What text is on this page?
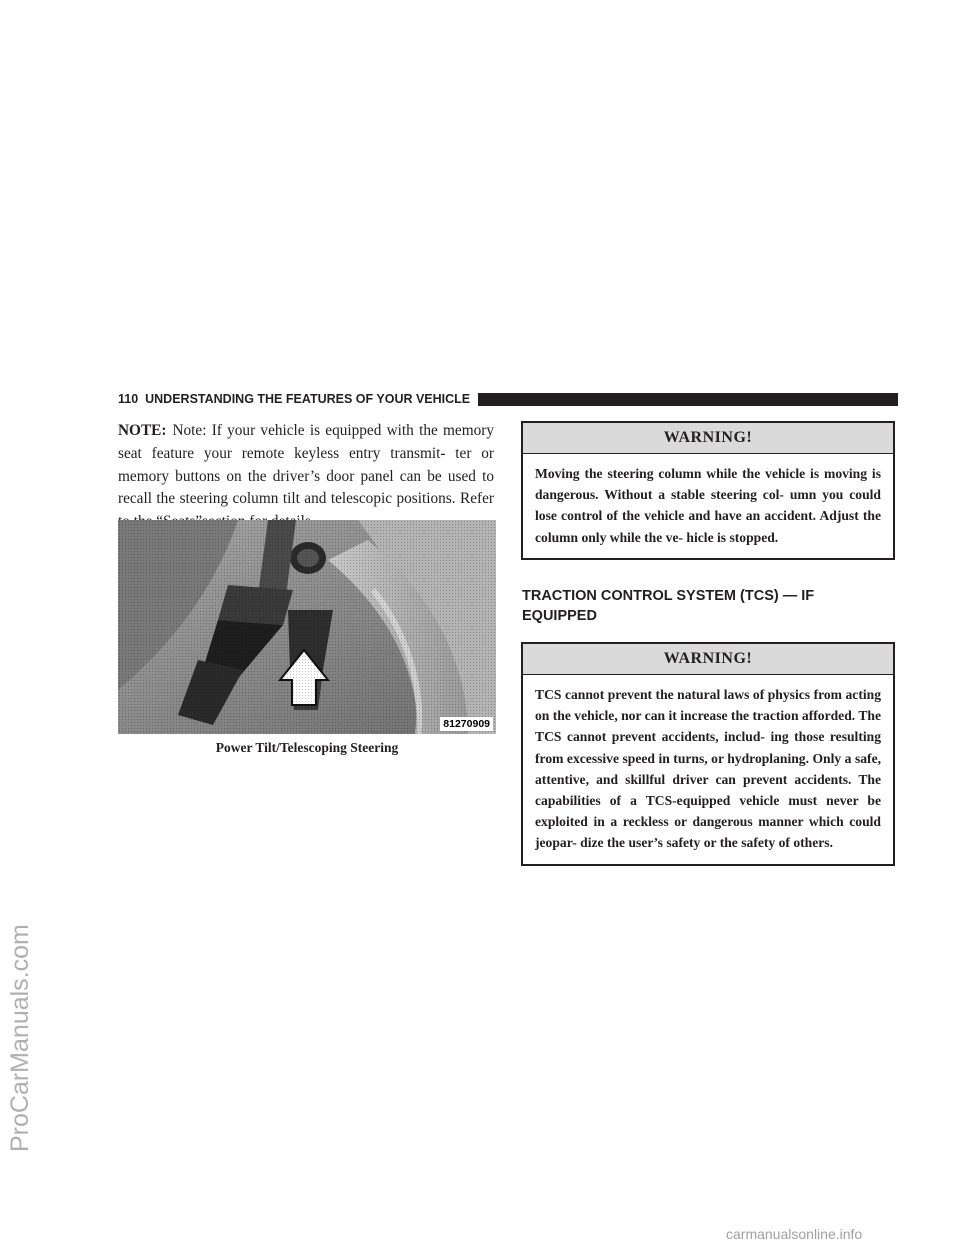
ProCarManuals.com
110 UNDERSTANDING THE FEATURES OF YOUR VEHICLE
NOTE: Note: If your vehicle is equipped with the memory seat feature your remote keyless entry transmit- ter or memory buttons on the driver’s door panel can be used to recall the steering column tilt and telescopic positions. Refer
81270909
Power Tilt/Telescoping Steering
WARNING!
Moving the steering column while the vehicle is moving is dangerous. Without a stable steering col- umn you could lose control of the vehicle and have an accident. Adjust the column only while the ve- hicle is stopped.
TRACTION CONTROL SYSTEM (TCS) — IF EQUIPPED
WARNING!
TCS cannot prevent the natural laws of physics from acting on the vehicle, nor can it increase the traction afforded. The TCS cannot prevent accidents, includ- ing those resulting from excessive speed in turns, or hydroplaning. Only a safe, attentive, and skillful driver can prevent accidents. The capabilities of a TCS-equipped vehicle must never be exploited in a reckless or dangerous manner which could jeopar- dize the user’s safety or the safety of others.
carmanualsonline.info
